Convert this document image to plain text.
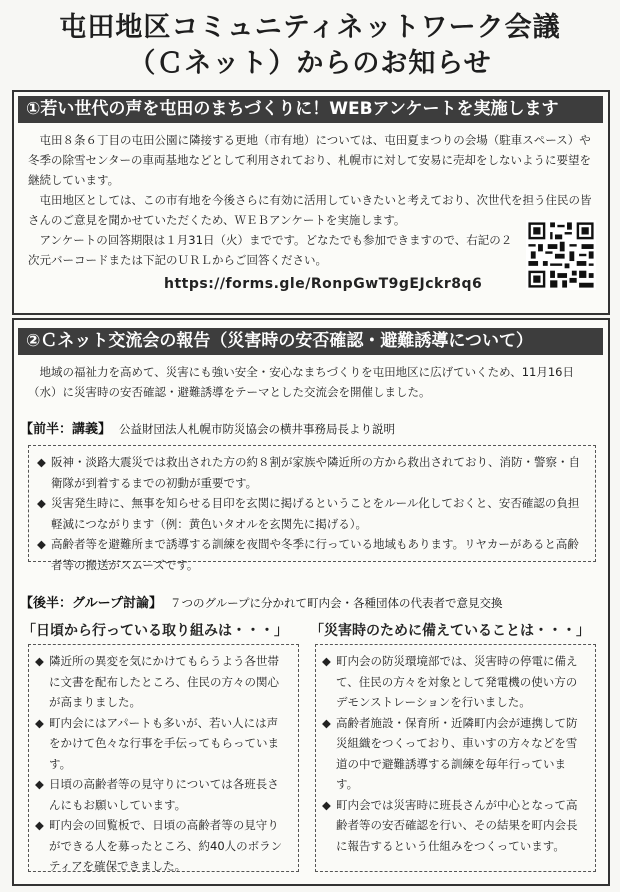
屯田地区コミュニティネットワーク会議
（Ｃネット）からのお知らせ
①若い世代の声を屯田のまちづくりに！WEBアンケートを実施します

屯田８条６丁目の屯田公園に隣接する更地（市有地）については、屯田夏まつりの会場（駐車スペース）や冬季の除雪センターの車両基地などとして利用されており、札幌市に対して安易に売却をしないように要望を継続しています。

屯田地区としては、この市有地を今後さらに有効に活用していきたいと考えており、次世代を担う住民の皆さんのご意見を聞かせていただくため、ＷＥＢアンケートを実施します。

アンケートの回答期限は１月31日（火）までです。どなたでも参加できますので、右記の２次元バーコードまたは下記のＵＲＬからご回答ください。

https://forms.gle/RonpGwT9gEJckr8q6
②Ｃネット交流会の報告（災害時の安否確認・避難誘導について）

地域の福祉力を高めて、災害にも強い安全・安心なまちづくりを屯田地区に広げていくため、11月16日（水）に災害時の安否確認・避難誘導をテーマとした交流会を開催しました。

【前半：講義】 公益財団法人札幌市防災協会の横井事務局長より説明
◆ 阪神・淡路大震災では救出された方の約８割が家族や隣近所の方から救出されており、消防・警察・自衛隊が到着するまでの初動が重要です。
◆ 災害発生時に、無事を知らせる目印を玄関に掲げるということをルール化しておくと、安否確認の負担軽減につながります（例：黄色いタオルを玄関先に掲げる）。
◆ 高齢者等を避難所まで誘導する訓練を夜間や冬季に行っている地域もあります。リヤカーがあると高齢者等の搬送がスムーズです。
【後半：グループ討論】 ７つのグループに分かれて町内会・各種団体の代表者で意見交換
「日頃から行っている取り組みは・・・」 「災害時のために備えていることは・・・」
◆ 隣近所の異変を気にかけてもらうよう各世帯に文書を配布したところ、住民の方々の関心が高まりました。
◆ 町内会にはアパートも多いが、若い人には声をかけて色々な行事を手伝ってもらっています。
◆ 日頃の高齢者等の見守りについては各班長さんにもお願いしています。
◆ 町内会の回覧板で、日頃の高齢者等の見守りができる人を募ったところ、約40人のボランティアを確保できました。
◆ 町内会の防災環境部では、災害時の停電に備えて、住民の方々を対象として発電機の使い方のデモンストレーションを行いました。
◆ 高齢者施設・保育所・近隣町内会が連携して防災組織をつくっており、車いすの方々などを雪道の中で避難誘導する訓練を毎年行っています。
◆ 町内会では災害時に班長さんが中心となって高齢者等の安否確認を行い、その結果を町内会長に報告するという仕組みをつくっています。
